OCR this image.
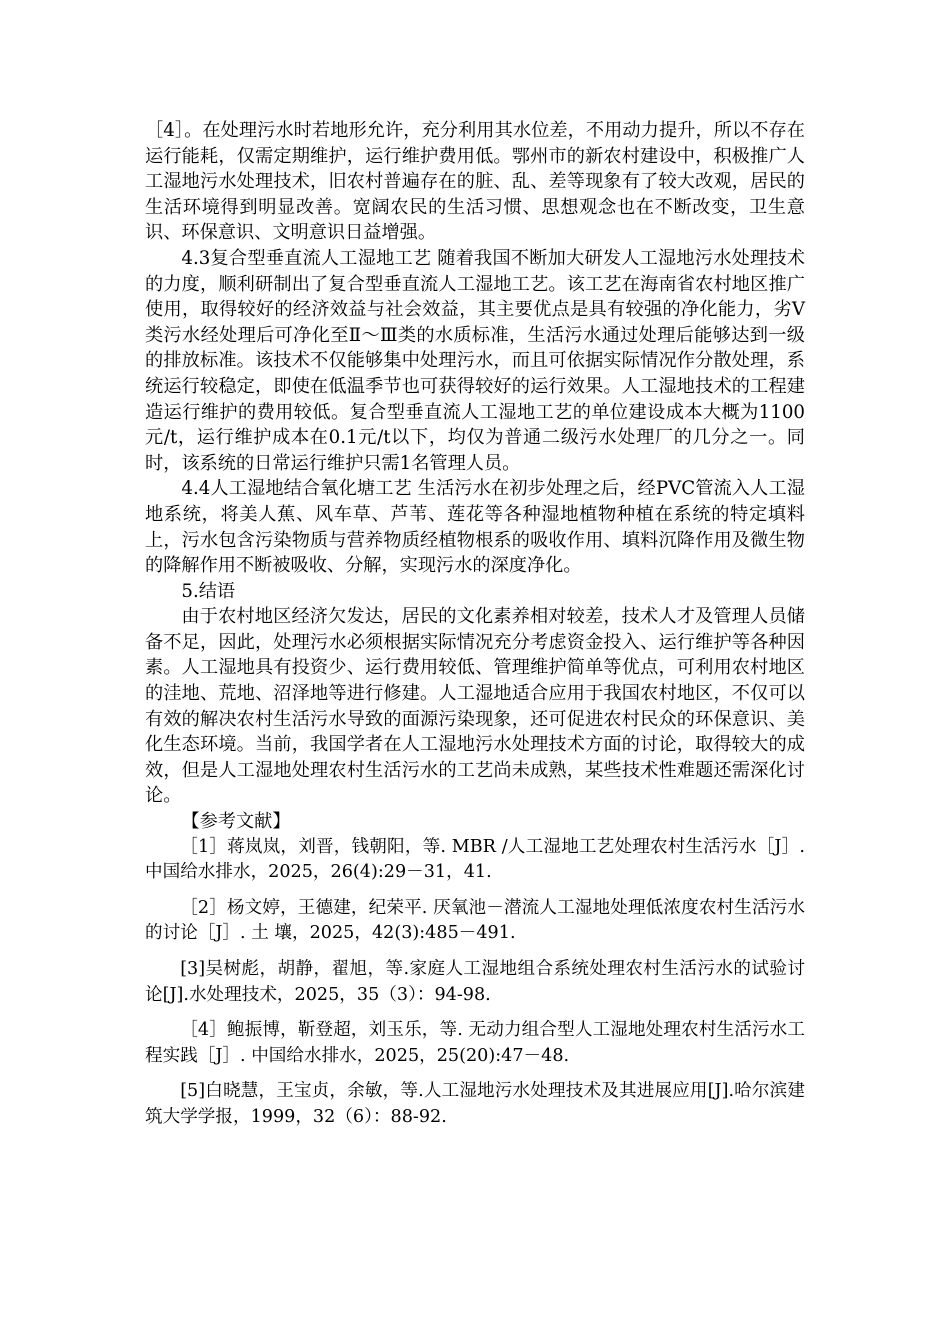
［4］。在处理污水时若地形允许，充分利用其水位差，不用动力提升，所以不存在运行能耗，仅需定期维护，运行维护费用低。鄂州市的新农村建设中，积极推广人工湿地污水处理技术，旧农村普遍存在的脏、乱、差等现象有了较大改观，居民的生活环境得到明显改善。宽阔农民的生活习惯、思想观念也在不断改变，卫生意识、环保意识、文明意识日益增强。

4.3复合型垂直流人工湿地工艺 随着我国不断加大研发人工湿地污水处理技术的力度，顺利研制出了复合型垂直流人工湿地工艺。该工艺在海南省农村地区推广使用，取得较好的经济效益与社会效益，其主要优点是具有较强的净化能力，劣Ⅴ类污水经处理后可净化至Ⅱ～Ⅲ类的水质标准，生活污水通过处理后能够达到一级的排放标准。该技术不仅能够集中处理污水，而且可依据实际情况作分散处理，系统运行较稳定，即使在低温季节也可获得较好的运行效果。人工湿地技术的工程建造运行维护的费用较低。复合型垂直流人工湿地工艺的单位建设成本大概为1100元/t，运行维护成本在0.1元/t以下，均仅为普通二级污水处理厂的几分之一。同时，该系统的日常运行维护只需1名管理人员。

4.4人工湿地结合氧化塘工艺 生活污水在初步处理之后，经PVC管流入人工湿地系统，将美人蕉、风车草、芦苇、莲花等各种湿地植物种植在系统的特定填料上，污水包含污染物质与营养物质经植物根系的吸收作用、填料沉降作用及微生物的降解作用不断被吸收、分解，实现污水的深度净化。

5.结语

由于农村地区经济欠发达，居民的文化素养相对较差，技术人才及管理人员储备不足，因此，处理污水必须根据实际情况充分考虑资金投入、运行维护等各种因素。人工湿地具有投资少、运行费用较低、管理维护简单等优点，可利用农村地区的洼地、荒地、沼泽地等进行修建。人工湿地适合应用于我国农村地区，不仅可以有效的解决农村生活污水导致的面源污染现象，还可促进农村民众的环保意识、美化生态环境。当前，我国学者在人工湿地污水处理技术方面的讨论，取得较大的成效，但是人工湿地处理农村生活污水的工艺尚未成熟，某些技术性难题还需深化讨论。

【参考文献】

［1］蒋岚岚，刘晋，钱朝阳，等. MBR /人工湿地工艺处理农村生活污水［J］. 中国给水排水，2025，26(4):29－31，41.

［2］杨文婷，王德建，纪荣平. 厌氧池－潜流人工湿地处理低浓度农村生活污水的讨论［J］. 土 壤，2025，42(3):485－491.

[3]吴树彪，胡静，翟旭，等.家庭人工湿地组合系统处理农村生活污水的试验讨论[J].水处理技术，2025，35（3）：94-98.

［4］鲍振博，靳登超，刘玉乐，等. 无动力组合型人工湿地处理农村生活污水工程实践［J］. 中国给水排水，2025，25(20):47－48.

[5]白晓慧，王宝贞，余敏，等.人工湿地污水处理技术及其进展应用[J].哈尔滨建筑大学学报，1999，32（6）：88-92.
